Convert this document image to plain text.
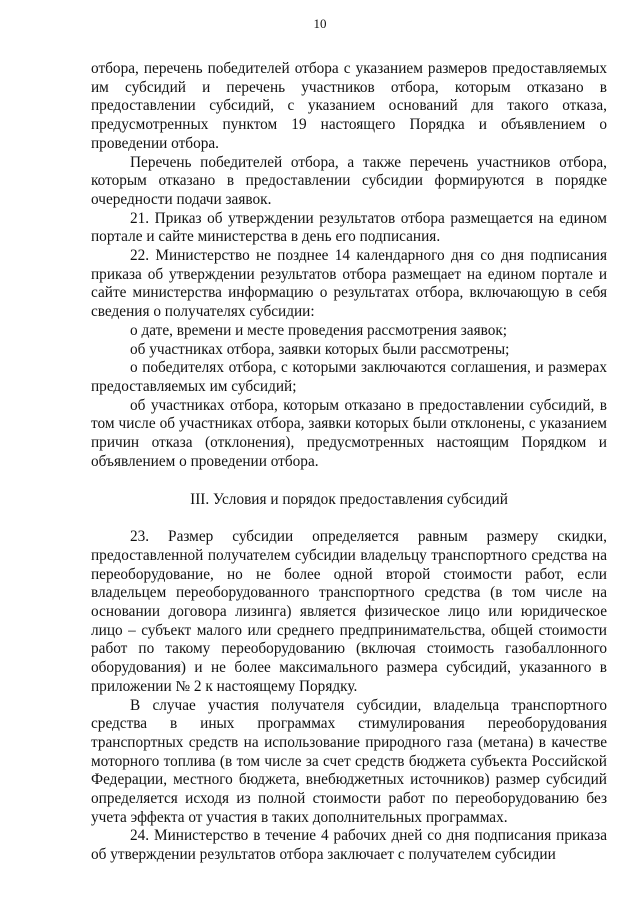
10

отбора, перечень победителей отбора с указанием размеров предоставляемых им субсидий и перечень участников отбора, которым отказано в предоставлении субсидий, с указанием оснований для такого отказа, предусмотренных пунктом 19 настоящего Порядка и объявлением о проведении отбора.

Перечень победителей отбора, а также перечень участников отбора, которым отказано в предоставлении субсидии формируются в порядке очередности подачи заявок.

21. Приказ об утверждении результатов отбора размещается на едином портале и сайте министерства в день его подписания.

22. Министерство не позднее 14 календарного дня со дня подписания приказа об утверждении результатов отбора размещает на едином портале и сайте министерства информацию о результатах отбора, включающую в себя сведения о получателях субсидии:

о дате, времени и месте проведения рассмотрения заявок;

об участниках отбора, заявки которых были рассмотрены;

о победителях отбора, с которыми заключаются соглашения, и размерах предоставляемых им субсидий;

об участниках отбора, которым отказано в предоставлении субсидий, в том числе об участниках отбора, заявки которых были отклонены, с указанием причин отказа (отклонения), предусмотренных настоящим Порядком и объявлением о проведении отбора.

III. Условия и порядок предоставления субсидий

23. Размер субсидии определяется равным размеру скидки, предоставленной получателем субсидии владельцу транспортного средства на переоборудование, но не более одной второй стоимости работ, если владельцем переоборудованного транспортного средства (в том числе на основании договора лизинга) является физическое лицо или юридическое лицо – субъект малого или среднего предпринимательства, общей стоимости работ по такому переоборудованию (включая стоимость газобаллонного оборудования) и не более максимального размера субсидий, указанного в приложении № 2 к настоящему Порядку.

В случае участия получателя субсидии, владельца транспортного средства в иных программах стимулирования переоборудования транспортных средств на использование природного газа (метана) в качестве моторного топлива (в том числе за счет средств бюджета субъекта Российской Федерации, местного бюджета, внебюджетных источников) размер субсидий определяется исходя из полной стоимости работ по переоборудованию без учета эффекта от участия в таких дополнительных программах.

24. Министерство в течение 4 рабочих дней со дня подписания приказа об утверждении результатов отбора заключает с получателем субсидии
